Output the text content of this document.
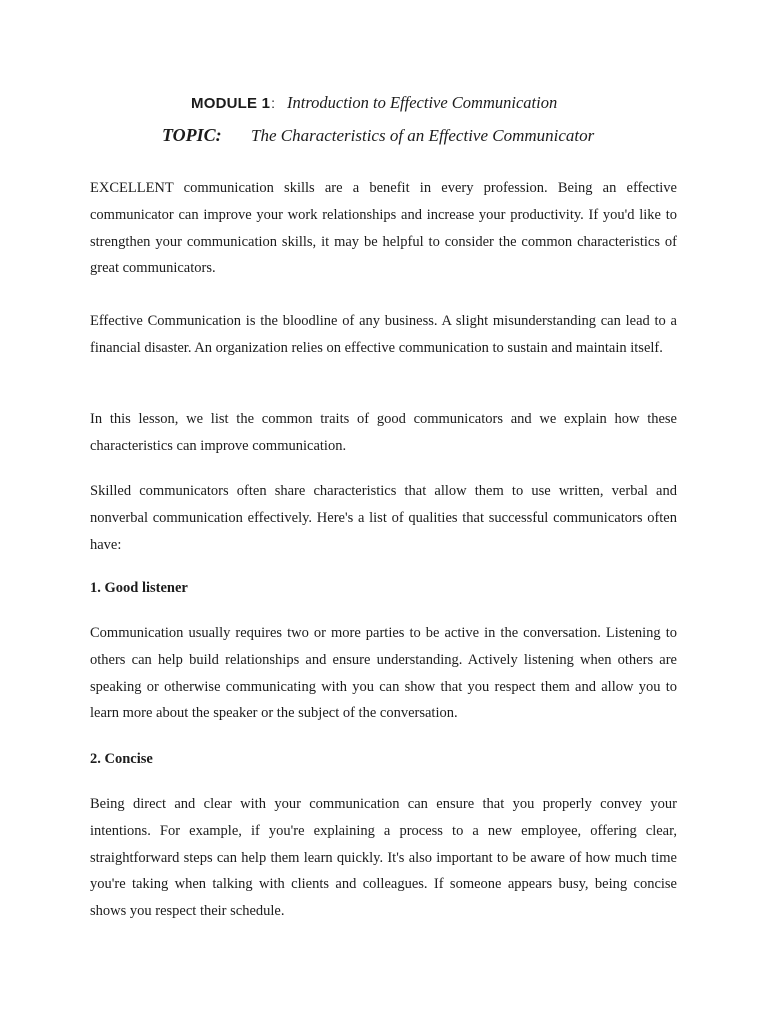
MODULE 1: Introduction to Effective Communication
TOPIC: The Characteristics of an Effective Communicator

EXCELLENT communication skills are a benefit in every profession. Being an effective communicator can improve your work relationships and increase your productivity. If you'd like to strengthen your communication skills, it may be helpful to consider the common characteristics of great communicators.

Effective Communication is the bloodline of any business. A slight misunderstanding can lead to a financial disaster. An organization relies on effective communication to sustain and maintain itself.

In this lesson, we list the common traits of good communicators and we explain how these characteristics can improve communication.

Skilled communicators often share characteristics that allow them to use written, verbal and nonverbal communication effectively. Here's a list of qualities that successful communicators often have:

1. Good listener

Communication usually requires two or more parties to be active in the conversation. Listening to others can help build relationships and ensure understanding. Actively listening when others are speaking or otherwise communicating with you can show that you respect them and allow you to learn more about the speaker or the subject of the conversation.

2. Concise

Being direct and clear with your communication can ensure that you properly convey your intentions. For example, if you're explaining a process to a new employee, offering clear, straightforward steps can help them learn quickly. It's also important to be aware of how much time you're taking when talking with clients and colleagues. If someone appears busy, being concise shows you respect their schedule.
